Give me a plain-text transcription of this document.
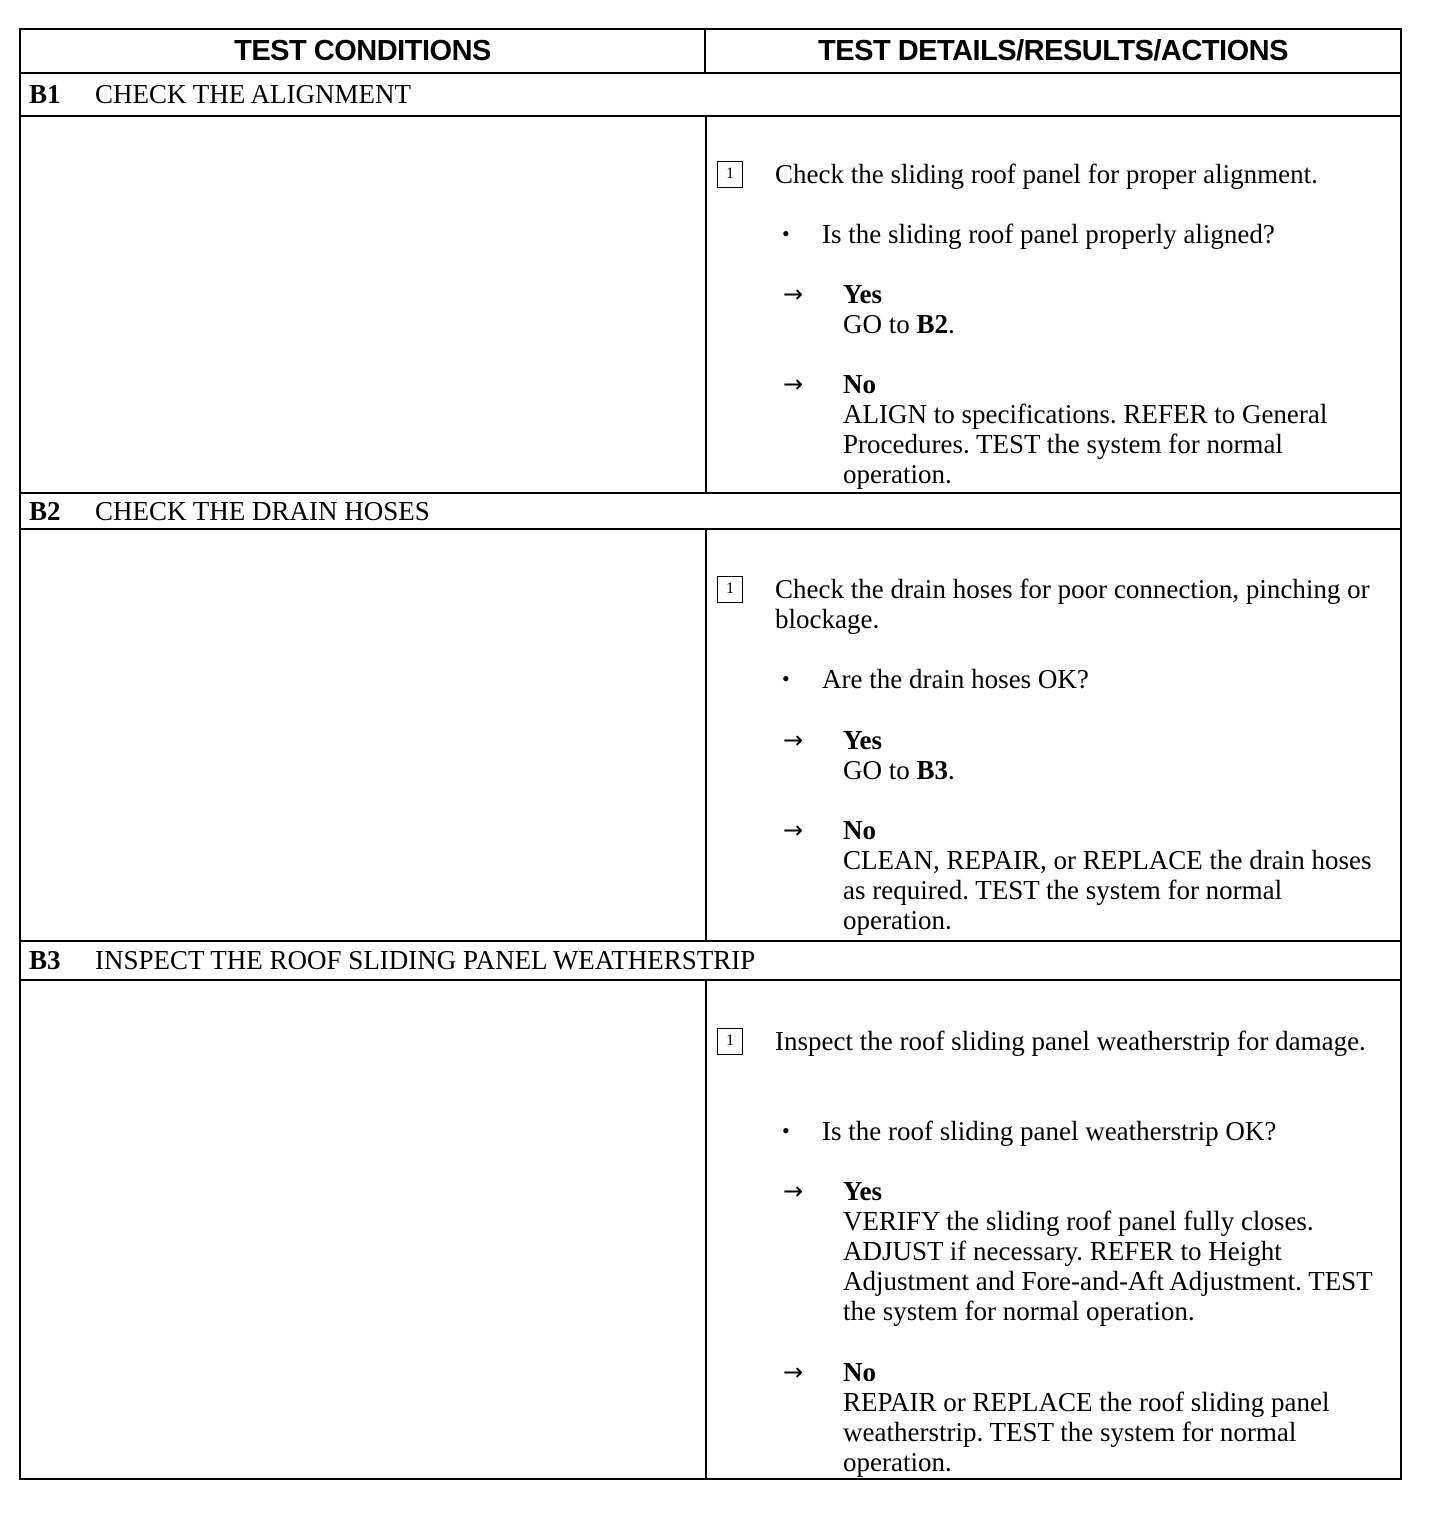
TEST CONDITIONS	TEST DETAILS/RESULTS/ACTIONS
B1	CHECK THE ALIGNMENT
1	Check the sliding roof panel for proper alignment.
• Is the sliding roof panel properly aligned?
→ Yes
GO to B2.
→ No
ALIGN to specifications. REFER to General Procedures. TEST the system for normal operation.
B2	CHECK THE DRAIN HOSES
1	Check the drain hoses for poor connection, pinching or blockage.
• Are the drain hoses OK?
→ Yes
GO to B3.
→ No
CLEAN, REPAIR, or REPLACE the drain hoses as required. TEST the system for normal operation.
B3	INSPECT THE ROOF SLIDING PANEL WEATHERSTRIP
1	Inspect the roof sliding panel weatherstrip for damage.
• Is the roof sliding panel weatherstrip OK?
→ Yes
VERIFY the sliding roof panel fully closes. ADJUST if necessary. REFER to Height Adjustment and Fore-and-Aft Adjustment. TEST the system for normal operation.
→ No
REPAIR or REPLACE the roof sliding panel weatherstrip. TEST the system for normal operation.
